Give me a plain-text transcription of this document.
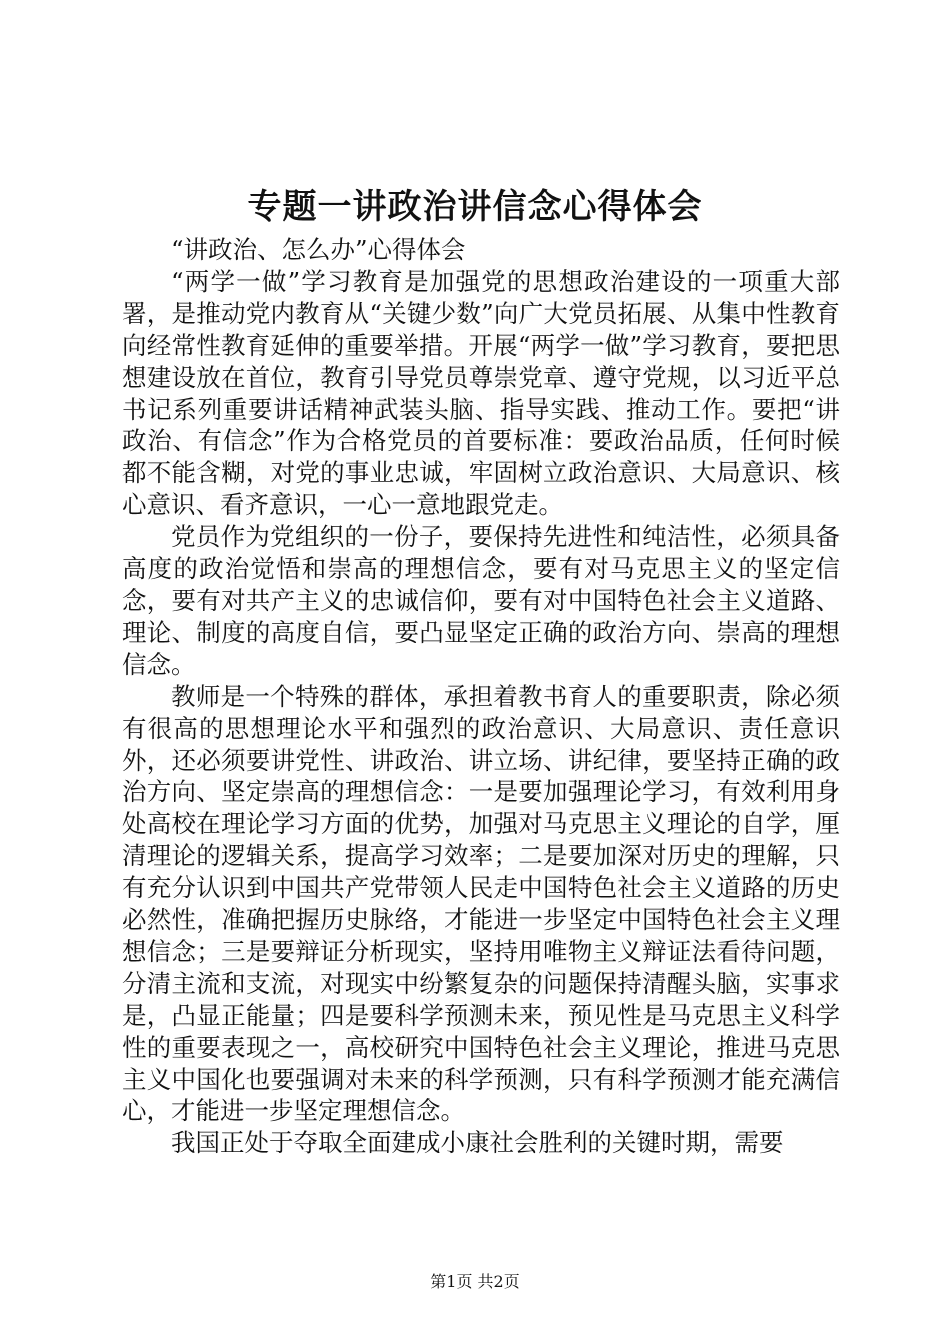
专题一讲政治讲信念心得体会

“讲政治、怎么办”心得体会

“两学一做”学习教育是加强党的思想政治建设的一项重大部署，是推动党内教育从“关键少数”向广大党员拓展、从集中性教育向经常性教育延伸的重要举措。开展“两学一做”学习教育，要把思想建设放在首位，教育引导党员尊崇党章、遵守党规，以习近平总书记系列重要讲话精神武装头脑、指导实践、推动工作。要把“讲政治、有信念”作为合格党员的首要标准：要政治品质，任何时候都不能含糊，对党的事业忠诚，牢固树立政治意识、大局意识、核心意识、看齐意识，一心一意地跟党走。

党员作为党组织的一份子，要保持先进性和纯洁性，必须具备高度的政治觉悟和崇高的理想信念，要有对马克思主义的坚定信念，要有对共产主义的忠诚信仰，要有对中国特色社会主义道路、理论、制度的高度自信，要凸显坚定正确的政治方向、崇高的理想信念。

教师是一个特殊的群体，承担着教书育人的重要职责，除必须有很高的思想理论水平和强烈的政治意识、大局意识、责任意识外，还必须要讲党性、讲政治、讲立场、讲纪律，要坚持正确的政治方向、坚定崇高的理想信念：一是要加强理论学习，有效利用身处高校在理论学习方面的优势，加强对马克思主义理论的自学，厘清理论的逻辑关系，提高学习效率；二是要加深对历史的理解，只有充分认识到中国共产党带领人民走中国特色社会主义道路的历史必然性，准确把握历史脉络，才能进一步坚定中国特色社会主义理想信念；三是要辩证分析现实，坚持用唯物主义辩证法看待问题，分清主流和支流，对现实中纷繁复杂的问题保持清醒头脑，实事求是，凸显正能量；四是要科学预测未来，预见性是马克思主义科学性的重要表现之一，高校研究中国特色社会主义理论，推进马克思主义中国化也要强调对未来的科学预测，只有科学预测才能充满信心，才能进一步坚定理想信念。

我国正处于夺取全面建成小康社会胜利的关键时期，需要

第1页 共2页
